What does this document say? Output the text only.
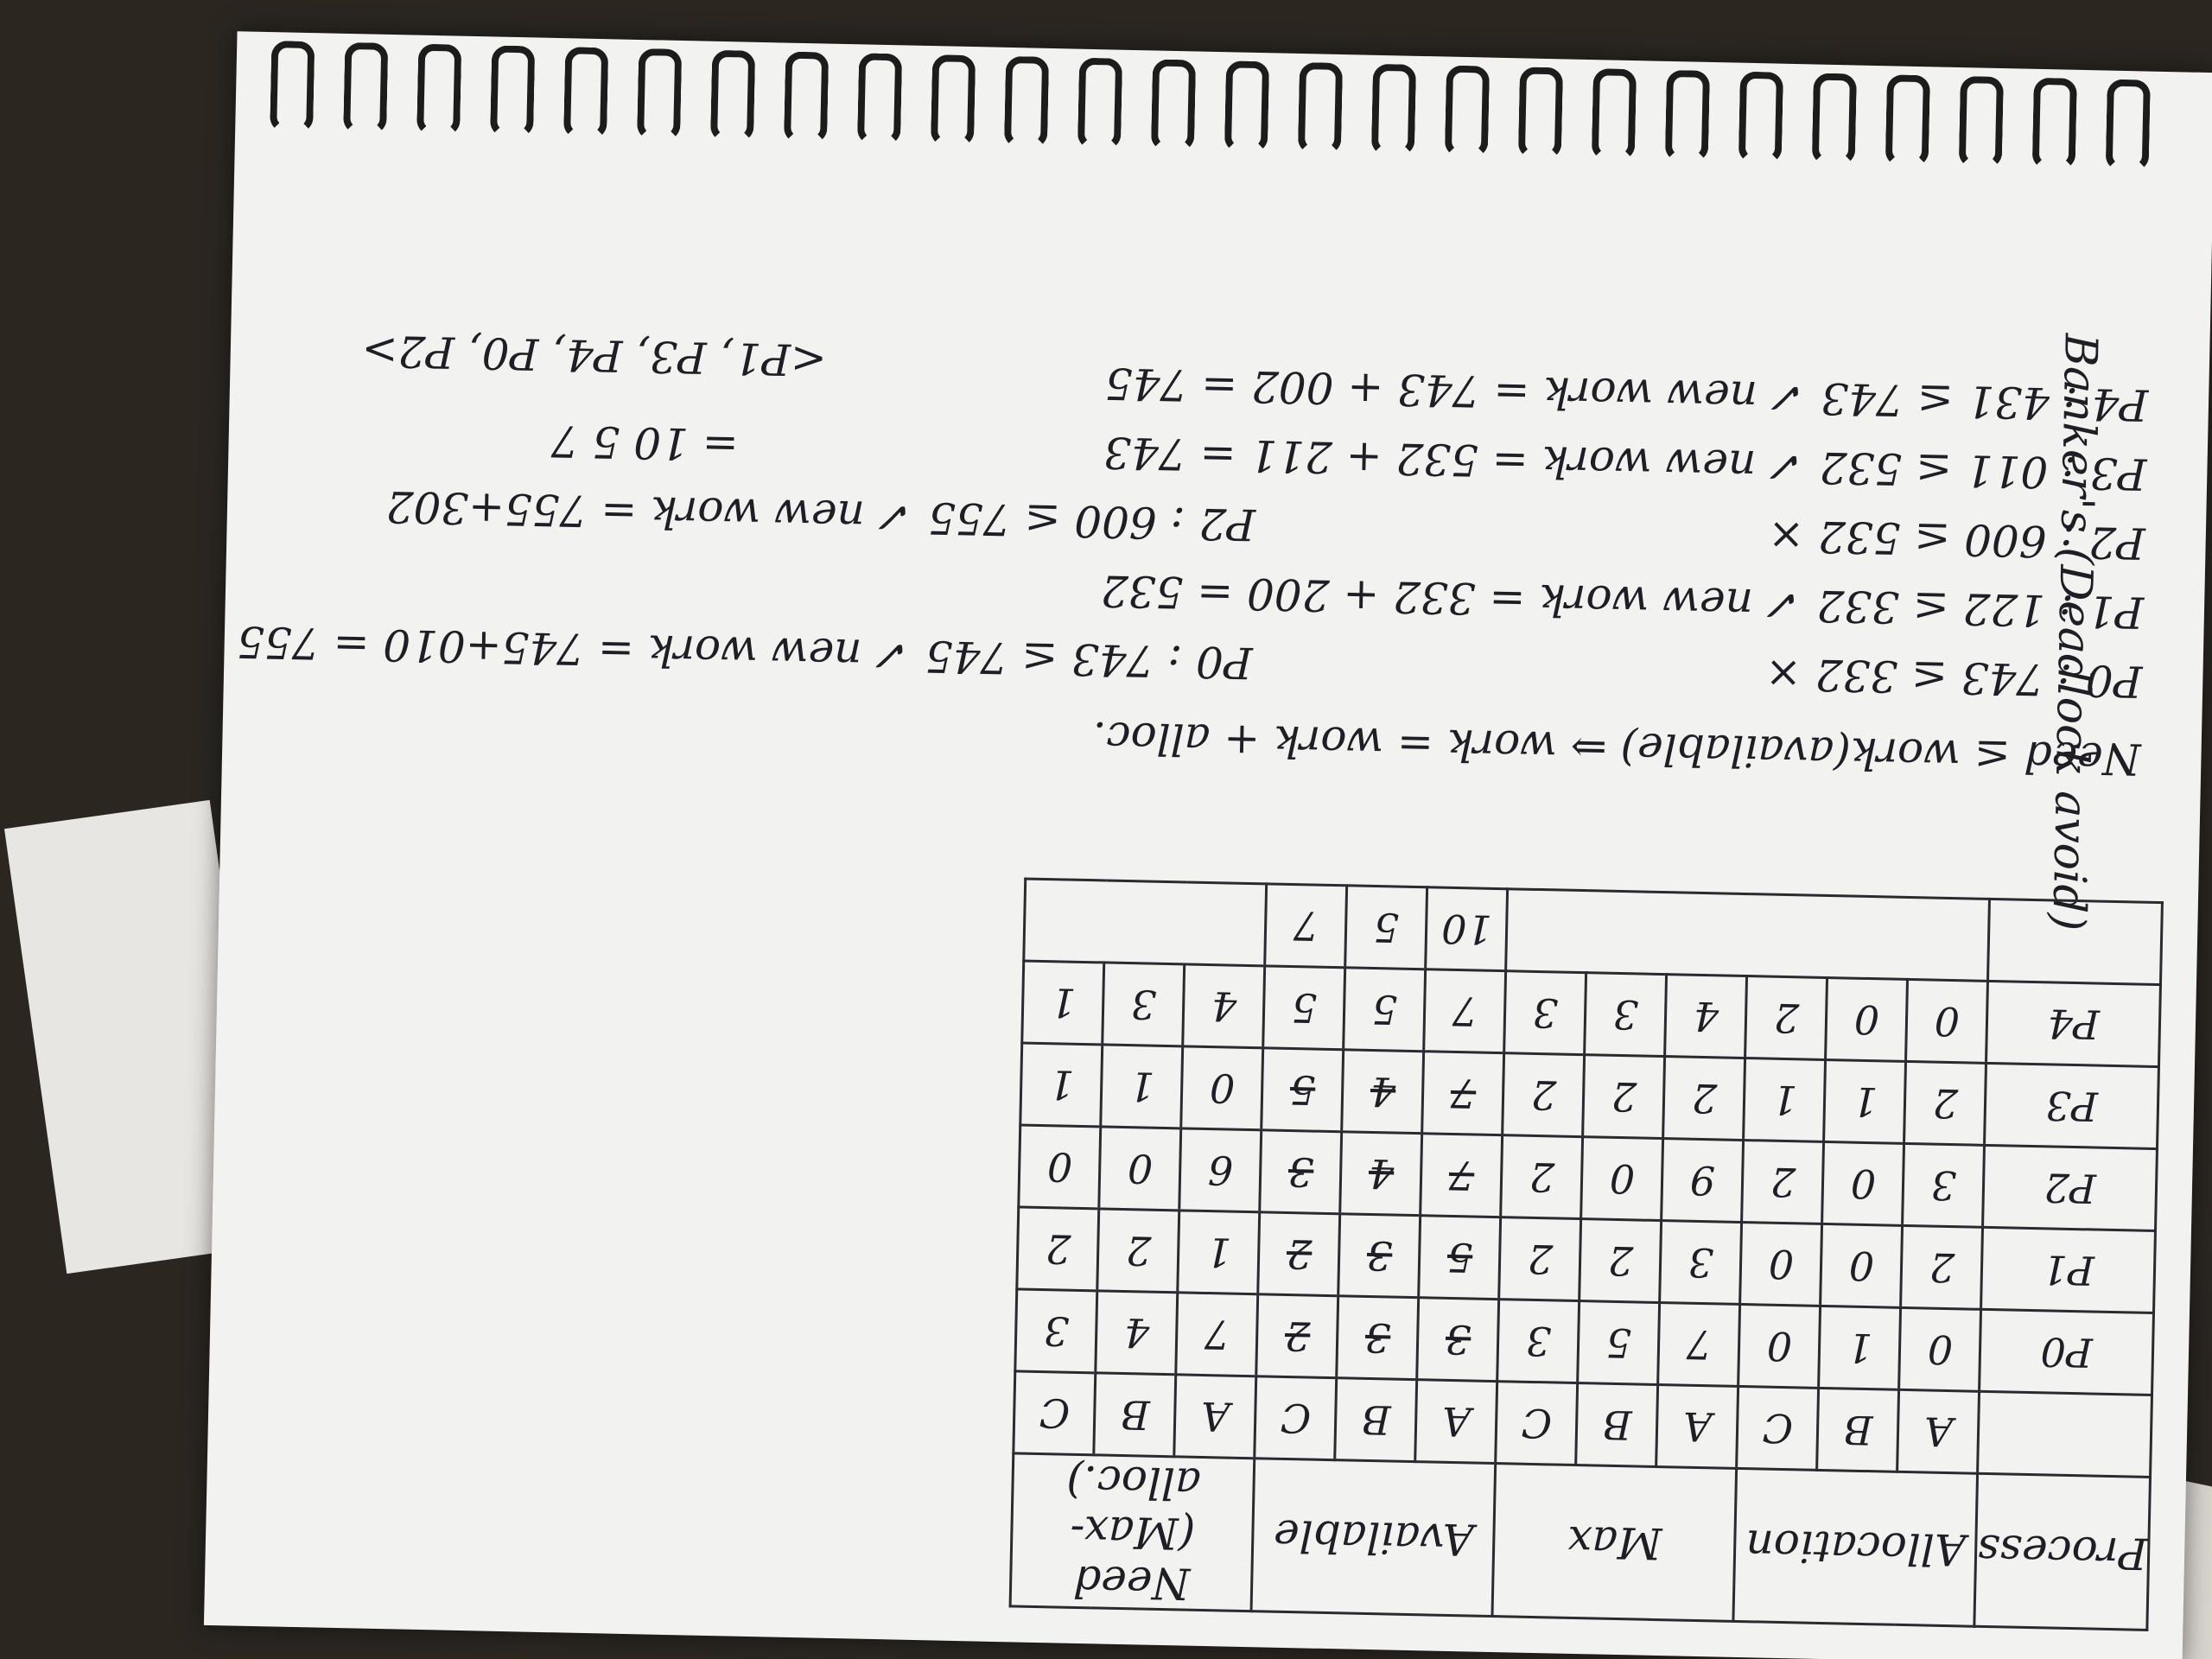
Banker's (Deadlock avoid)
Process	Allocation			Max			Available			Need (Max-alloc.)		
	A	B	C	A	B	C	A	B	C	A	B	C
P0	0	1	0	7	5	3	3	3	2	7	4	3
P1	2	0	0	3	2	2	5	3	2	1	2	2
P2	3	0	2	9	0	2	7	4	3	6	0	0
P3	2	1	1	2	2	2	7	4	5	0	1	1
P4	0	0	2	4	3	3	7	5	5	4	3	1
							10	5	7			
Need ≤ work(available) ⇒ work = work + alloc.
P0 : 743 ≤ 332 ×
P1 : 122 ≤ 332 ✓ new work = 332 + 200 = 532
P2 : 600 ≤ 532 ×
P3 : 011 ≤ 532 ✓ new work = 532 + 211 = 743
P4 : 431 ≤ 743 ✓ new work = 743 + 002 = 745
P0 : 743 ≤ 745 ✓ new work = 745+010 = 755
P2 : 600 ≤ 755 ✓ new work = 755+302
= 10 5 7
<P1, P3, P4, P0, P2>
